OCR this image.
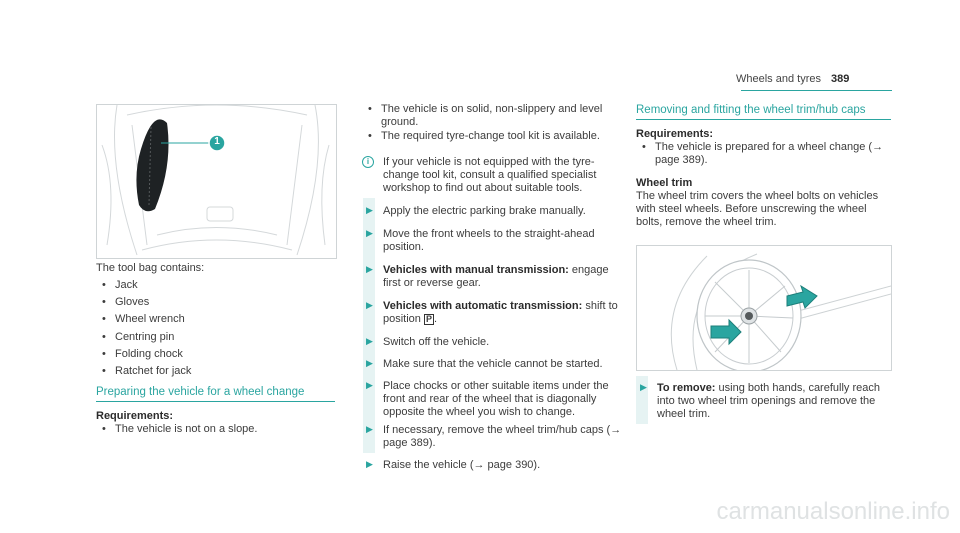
Wheels and tyres 389
1
The tool bag contains:
• Jack
• Gloves
• Wheel wrench
• Centring pin
• Folding chock
• Ratchet for jack
Preparing the vehicle for a wheel change
Requirements:
• The vehicle is not on a slope.
• The vehicle is on solid, non-slippery and level ground.
• The required tyre-change tool kit is available.
i	If your vehicle is not equipped with the tyre-change tool kit, consult a qualified specialist workshop to find out about suitable tools.
▶ Apply the electric parking brake manually.
▶ Move the front wheels to the straight-ahead position.
▶ Vehicles with manual transmission: engage first or reverse gear.
▶ Vehicles with automatic transmission: shift to position P .
▶ Switch off the vehicle.
▶ Make sure that the vehicle cannot be started.
▶ Place chocks or other suitable items under the front and rear of the wheel that is diagonally opposite the wheel you wish to change.
▶ If necessary, remove the wheel trim/hub caps (→ page 389).
▶ Raise the vehicle (→ page 390).
Removing and fitting the wheel trim/hub caps
Requirements:
• The vehicle is prepared for a wheel change (→ page 389).
Wheel trim
The wheel trim covers the wheel bolts on vehicles with steel wheels. Before unscrewing the wheel bolts, remove the wheel trim.
▶ To remove: using both hands, carefully reach into two wheel trim openings and remove the wheel trim.
carmanualsonline.info
